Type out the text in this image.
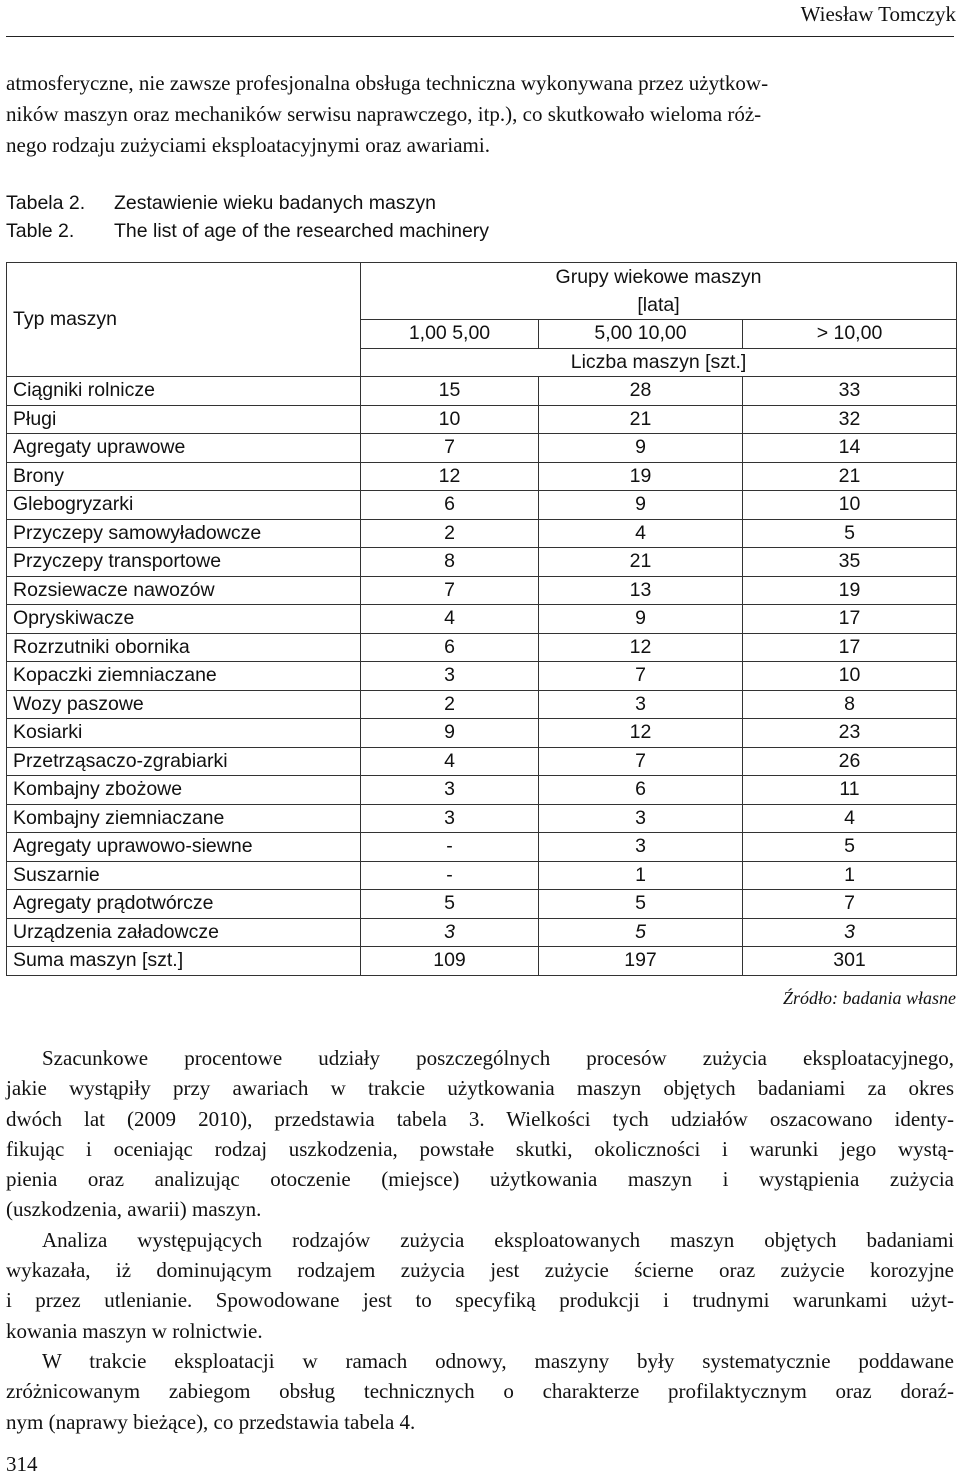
Wiesław Tomczyk
atmosferyczne, nie zawsze profesjonalna obsługa techniczna wykonywana przez użytkow-
ników maszyn oraz mechaników serwisu naprawczego, itp.), co skutkowało wieloma róż-
nego rodzaju zużyciami eksploatacyjnymi oraz awariami.
Tabela 2. Zestawienie wieku badanych maszyn
Table 2. The list of age of the researched machinery
Typ maszyn	Grupy wiekowe maszyn
[lata]		

	1,00 5,00	5,00 10,00	> 10,00
	Liczba maszyn [szt.]		
Ciągniki rolnicze	15	28	33
Pługi	10	21	32
Agregaty uprawowe	7	9	14
Brony	12	19	21
Glebogryzarki	6	9	10
Przyczepy samowyładowcze	2	4	5
Przyczepy transportowe	8	21	35
Rozsiewacze nawozów	7	13	19
Opryskiwacze	4	9	17
Rozrzutniki obornika	6	12	17
Kopaczki ziemniaczane	3	7	10
Wozy paszowe	2	3	8
Kosiarki	9	12	23
Przetrząsaczo-zgrabiarki	4	7	26
Kombajny zbożowe	3	6	11
Kombajny ziemniaczane	3	3	4
Agregaty uprawowo-siewne	-	3	5
Suszarnie	-	1	1
Agregaty prądotwórcze	5	5	7
Urządzenia załadowcze	3	5	3
Suma maszyn [szt.]	109	197	301
Źródło: badania własne
Szacunkowe procentowe udziały poszczególnych procesów zużycia eksploatacyjnego,
jakie wystąpiły przy awariach w trakcie użytkowania maszyn objętych badaniami za okres
dwóch lat (2009 2010), przedstawia tabela 3. Wielkości tych udziałów oszacowano identy-
fikując i oceniając rodzaj uszkodzenia, powstałe skutki, okoliczności i warunki jego wystą-
pienia oraz analizując otoczenie (miejsce) użytkowania maszyn i wystąpienia zużycia
(uszkodzenia, awarii) maszyn.
Analiza występujących rodzajów zużycia eksploatowanych maszyn objętych badaniami
wykazała, iż dominującym rodzajem zużycia jest zużycie ścierne oraz zużycie korozyjne
i przez utlenianie. Spowodowane jest to specyfiką produkcji i trudnymi warunkami użyt-
kowania maszyn w rolnictwie.
W trakcie eksploatacji w ramach odnowy, maszyny były systematycznie poddawane
zróżnicowanym zabiegom obsług technicznych o charakterze profilaktycznym oraz doraź-
nym (naprawy bieżące), co przedstawia tabela 4.
314
